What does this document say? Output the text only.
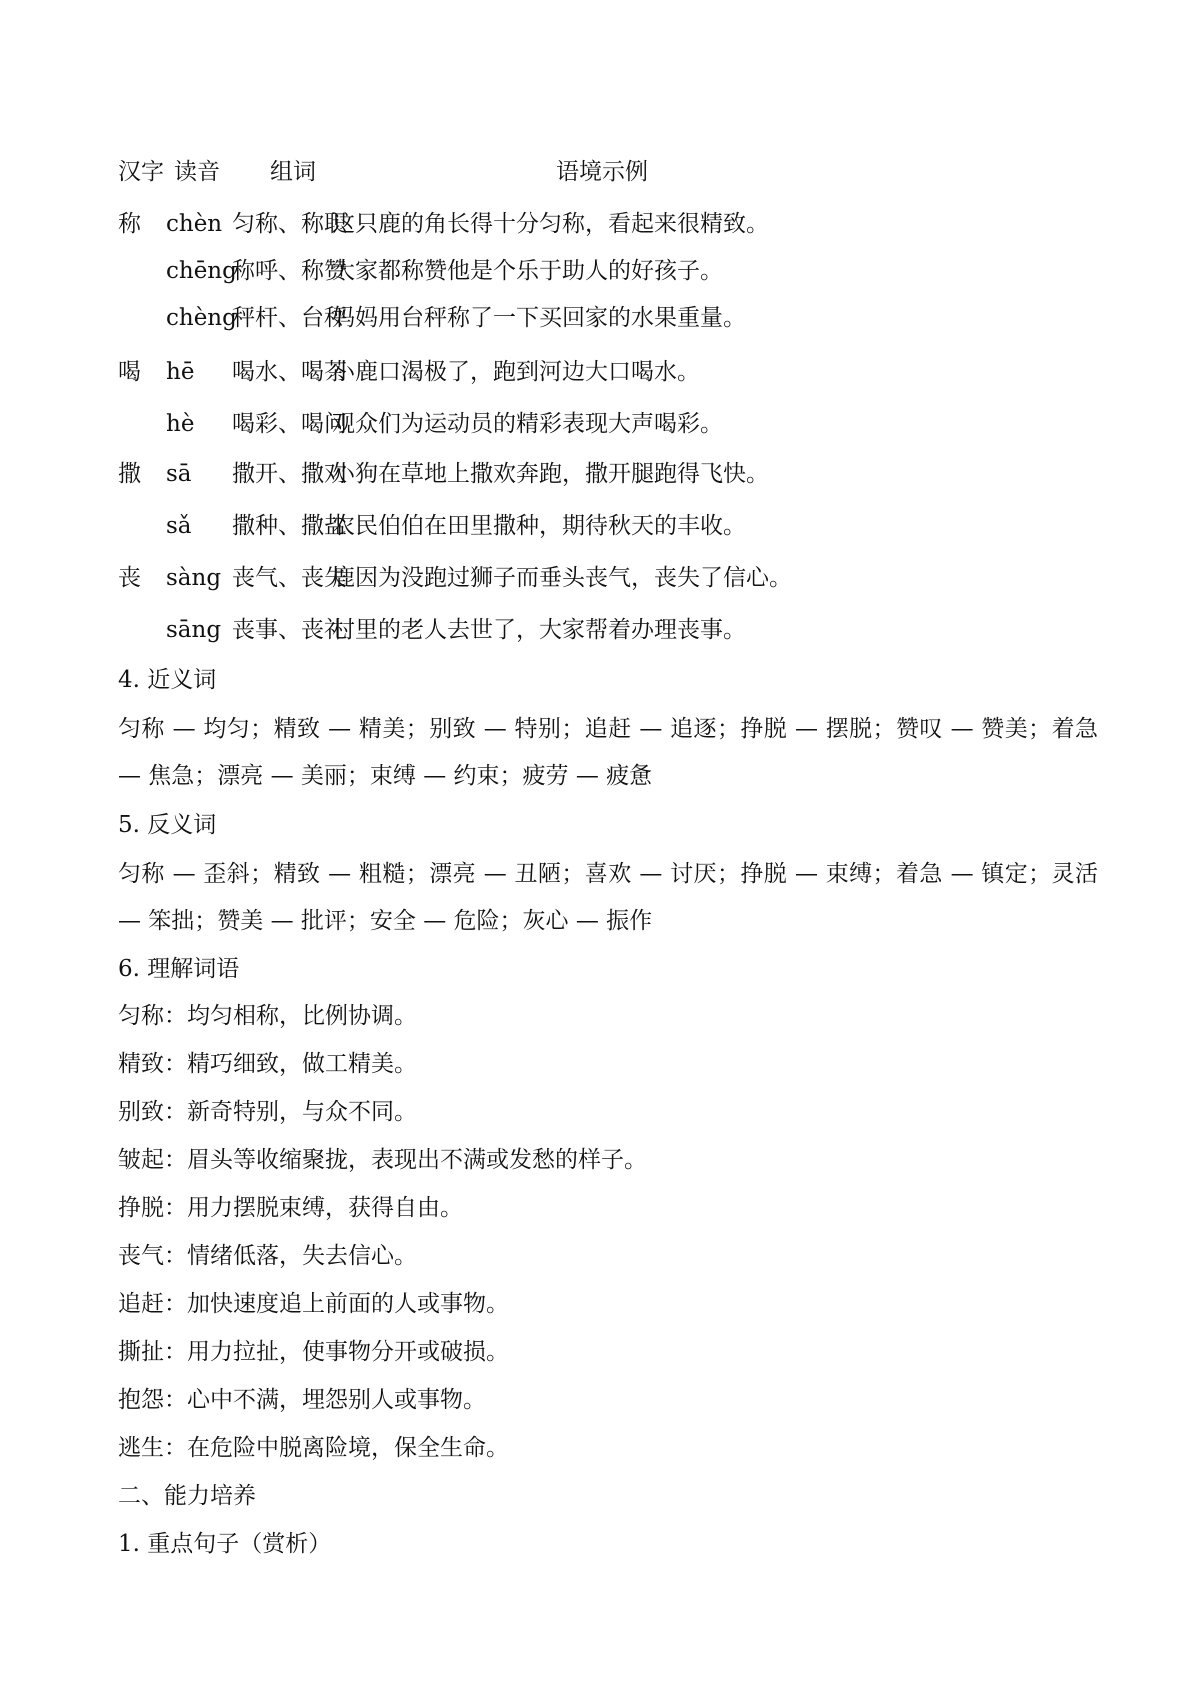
汉字 读音 组词	语境示例
称 chèn 匀称、称职
这只鹿的角长得十分匀称，看起来很精致。
chēng
称呼、称赞
大家都称赞他是个乐于助人的好孩子。
chèng
秤杆、台秤
妈妈用台秤称了一下买回家的水果重量。
喝 hē 喝水、喝茶
小鹿口渴极了，跑到河边大口喝水。
hè 喝彩、喝问
观众们为运动员的精彩表现大声喝彩。
撒 sā 撒开、撒欢
小狗在草地上撒欢奔跑，撒开腿跑得飞快。
sǎ 撒种、撒盐
农民伯伯在田里撒种，期待秋天的丰收。
丧 sàng 丧气、丧失
鹿因为没跑过狮子而垂头丧气，丧失了信心。
sāng 丧事、丧礼
村里的老人去世了，大家帮着办理丧事。
4. 近义词
匀称 — 均匀；精致 — 精美；别致 — 特别；追赶 — 追逐；挣脱 — 摆脱；赞叹 — 赞美；着急 — 焦急；漂亮 — 美丽；束缚 — 约束；疲劳 — 疲惫
5. 反义词
匀称 — 歪斜；精致 — 粗糙；漂亮 — 丑陋；喜欢 — 讨厌；挣脱 — 束缚；着急 — 镇定；灵活 — 笨拙；赞美 — 批评；安全 — 危险；灰心 — 振作
6. 理解词语
匀称：均匀相称，比例协调。
精致：精巧细致，做工精美。
别致：新奇特别，与众不同。
皱起：眉头等收缩聚拢，表现出不满或发愁的样子。
挣脱：用力摆脱束缚，获得自由。
丧气：情绪低落，失去信心。
追赶：加快速度追上前面的人或事物。
撕扯：用力拉扯，使事物分开或破损。
抱怨：心中不满，埋怨别人或事物。
逃生：在危险中脱离险境，保全生命。
二、能力培养
1. 重点句子（赏析）
